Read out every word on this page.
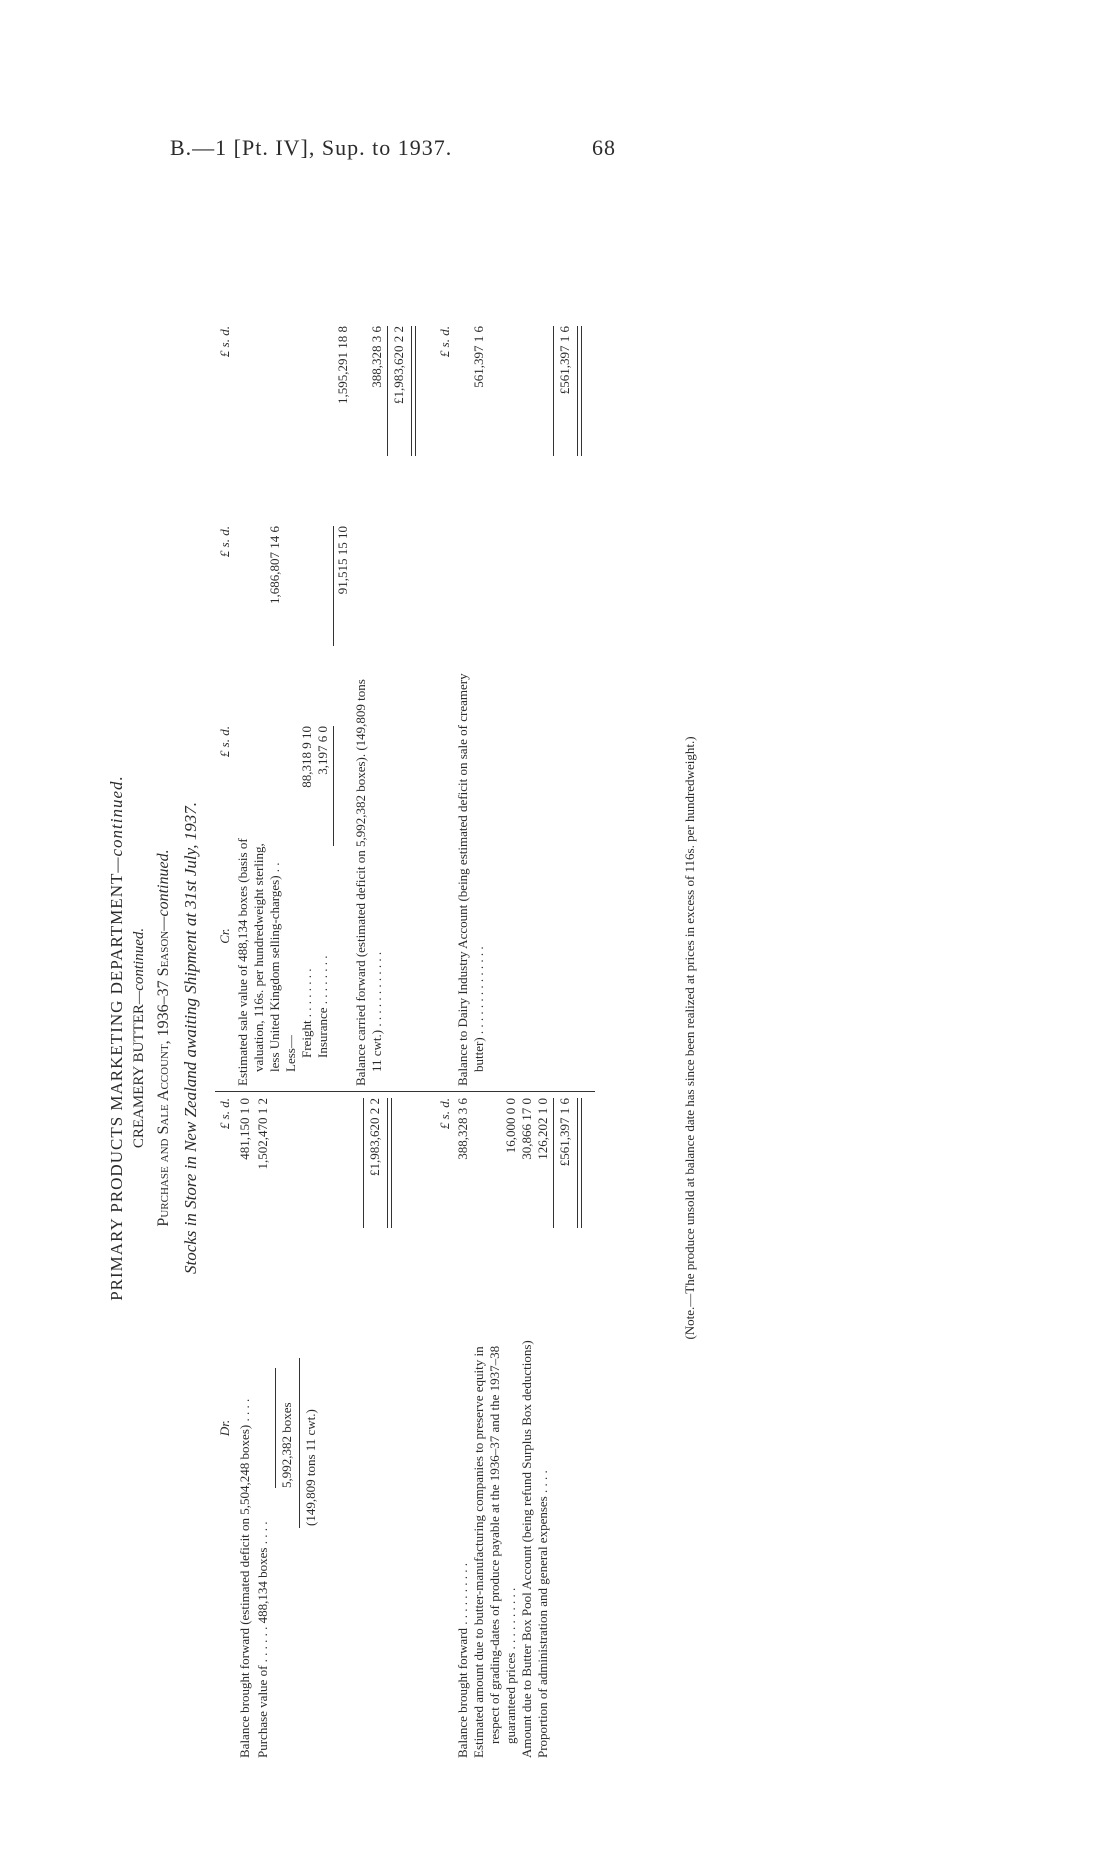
B.—1 [Pt. IV], Sup. to 1937.	68
PRIMARY PRODUCTS MARKETING DEPARTMENT—continued.
CREAMERY BUTTER—continued. Purchase and Sale Account, 1936–37 Season—continued. Stocks in Store in New Zealand awaiting Shipment at 31st July, 1937.
Dr.
£ s. d.
Balance brought forward (estimated deficit on 5,504,248 boxes) . . . .
481,150 1 0
Purchase value of . . . . . . 488,134 boxes . . . .
1,502,470 1 2
5,992,382 boxes (149,809 tons 11 cwt.)
£1,983,620 2 2
Cr.
£ s. d.
£ s. d.
£ s. d.
Estimated sale value of 488,134 boxes (basis of valuation, 116s. per hundredweight sterling, less United Kingdom selling-charges) . .
1,686,807 14 6
Less— Freight . . . . . . . .
88,318 9 10
Insurance . . . . . . . .
3,197 6 0
91,515 15 10
1,595,291 18 8
Balance carried forward (estimated deficit on 5,992,382 boxes). (149,809 tons 11 cwt.) . . . . . . . . . . . .
388,328 3 6 £1,983,620 2 2
£ s. d.
Balance brought forward . . . . . . . . . .
388,328 3 6
Estimated amount due to butter-manufacturing companies to preserve equity in respect of grading-dates of produce payable at the 1936–37 and the 1937–38 guaranteed prices . . . . . . . . . .
16,000 0 0
Amount due to Butter Box Pool Account (being refund Surplus Box deductions)
30,866 17 0
Proportion of administration and general expenses . . . .
126,202 1 0 £561,397 1 6
£ s. d.
Balance to Dairy Industry Account (being estimated deficit on sale of creamery butter) . . . . . . . . . . . . . .
561,397 1 6	£561,397 1 6
(Note.—The produce unsold at balance date has since been realized at prices in excess of 116s. per hundredweight.)
